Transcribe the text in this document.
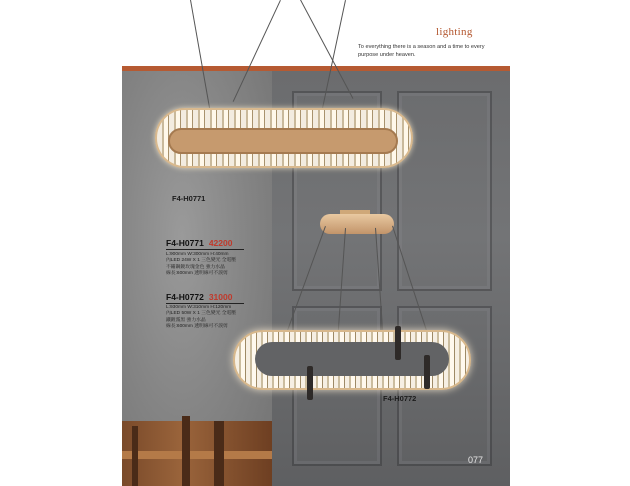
lighting
To everything there is a season and a time to every purpose under heaven.
F4-H0771
F4-H0772
F4-H0771 42200
L:900mm W:300mm H:40mm
內LED 24W X 1 三色變光 全電壓
不鏽鋼鍍玫瑰金色 強力水晶
線長:600mm 透明線可不淚剪
F4-H0772 31000
L:930mm W:310mm H:120mm
內LED 50W X 1 三色變光 全電壓
鐵鍍霧黑 強力水晶
線長:600mm 透明線可不淚剪
077
